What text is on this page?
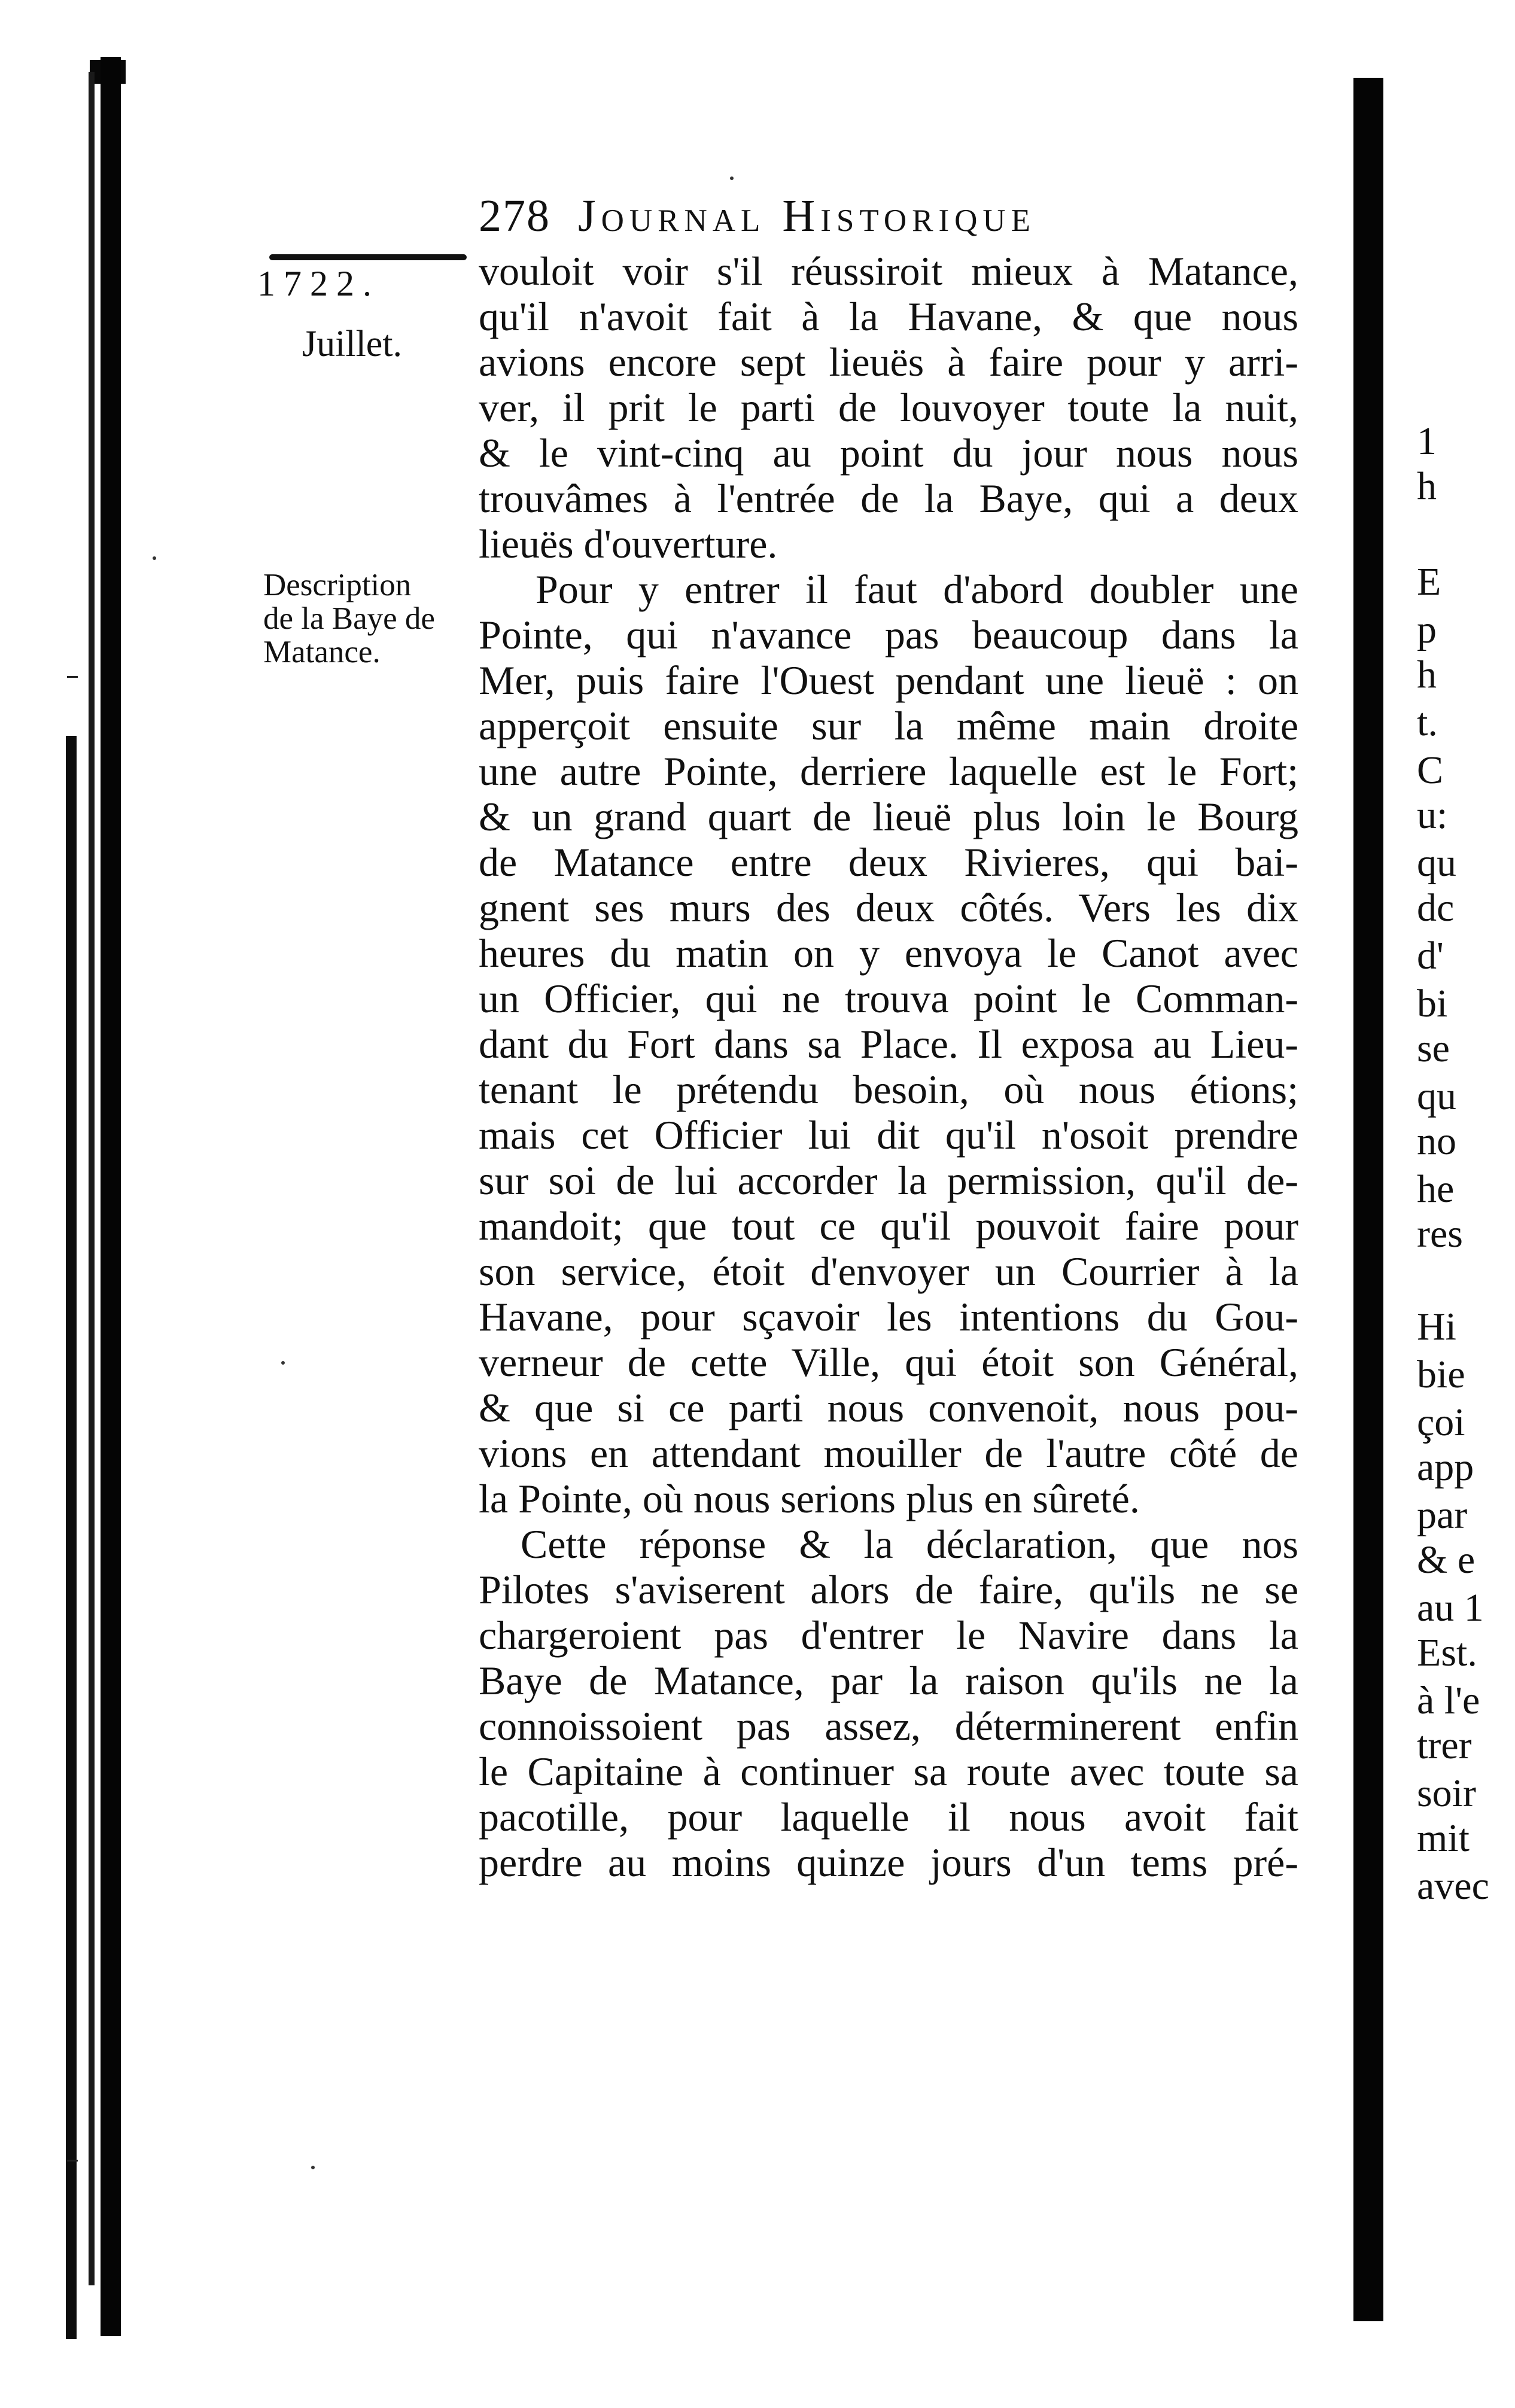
278 Journal Historique
1722.
Juillet.
Description
de la Baye de
Matance.
vouloit voir s'il réussiroit mieux à Matance,
qu'il n'avoit fait à la Havane, & que nous
avions encore sept lieuës à faire pour y arri-
ver, il prit le parti de louvoyer toute la nuit,
& le vint-cinq au point du jour nous nous
trouvâmes à l'entrée de la Baye, qui a deux
lieuës d'ouverture.
Pour y entrer il faut d'abord doubler une
Pointe, qui n'avance pas beaucoup dans la
Mer, puis faire l'Ouest pendant une lieuë : on
apperçoit ensuite sur la même main droite
une autre Pointe, derriere laquelle est le Fort;
& un grand quart de lieuë plus loin le Bourg
de Matance entre deux Rivieres, qui bai-
gnent ses murs des deux côtés. Vers les dix
heures du matin on y envoya le Canot avec
un Officier, qui ne trouva point le Comman-
dant du Fort dans sa Place. Il exposa au Lieu-
tenant le prétendu besoin, où nous étions;
mais cet Officier lui dit qu'il n'osoit prendre
sur soi de lui accorder la permission, qu'il de-
mandoit; que tout ce qu'il pouvoit faire pour
son service, étoit d'envoyer un Courrier à la
Havane, pour sçavoir les intentions du Gou-
verneur de cette Ville, qui étoit son Général,
& que si ce parti nous convenoit, nous pou-
vions en attendant mouiller de l'autre côté de
la Pointe, où nous serions plus en sûreté.
Cette réponse & la déclaration, que nos
Pilotes s'aviserent alors de faire, qu'ils ne se
chargeroient pas d'entrer le Navire dans la
Baye de Matance, par la raison qu'ils ne la
connoissoient pas assez, déterminerent enfin
le Capitaine à continuer sa route avec toute sa
pacotille, pour laquelle il nous avoit fait
perdre au moins quinze jours d'un tems pré-
1
h
E
p
h
t.
C
u:
qu
dc
d'
bi
se
qu
no
he
res
Hi
bie
çoi
app
par
& e
au 1
Est.
à l'e
trer
soir
mit
avec
